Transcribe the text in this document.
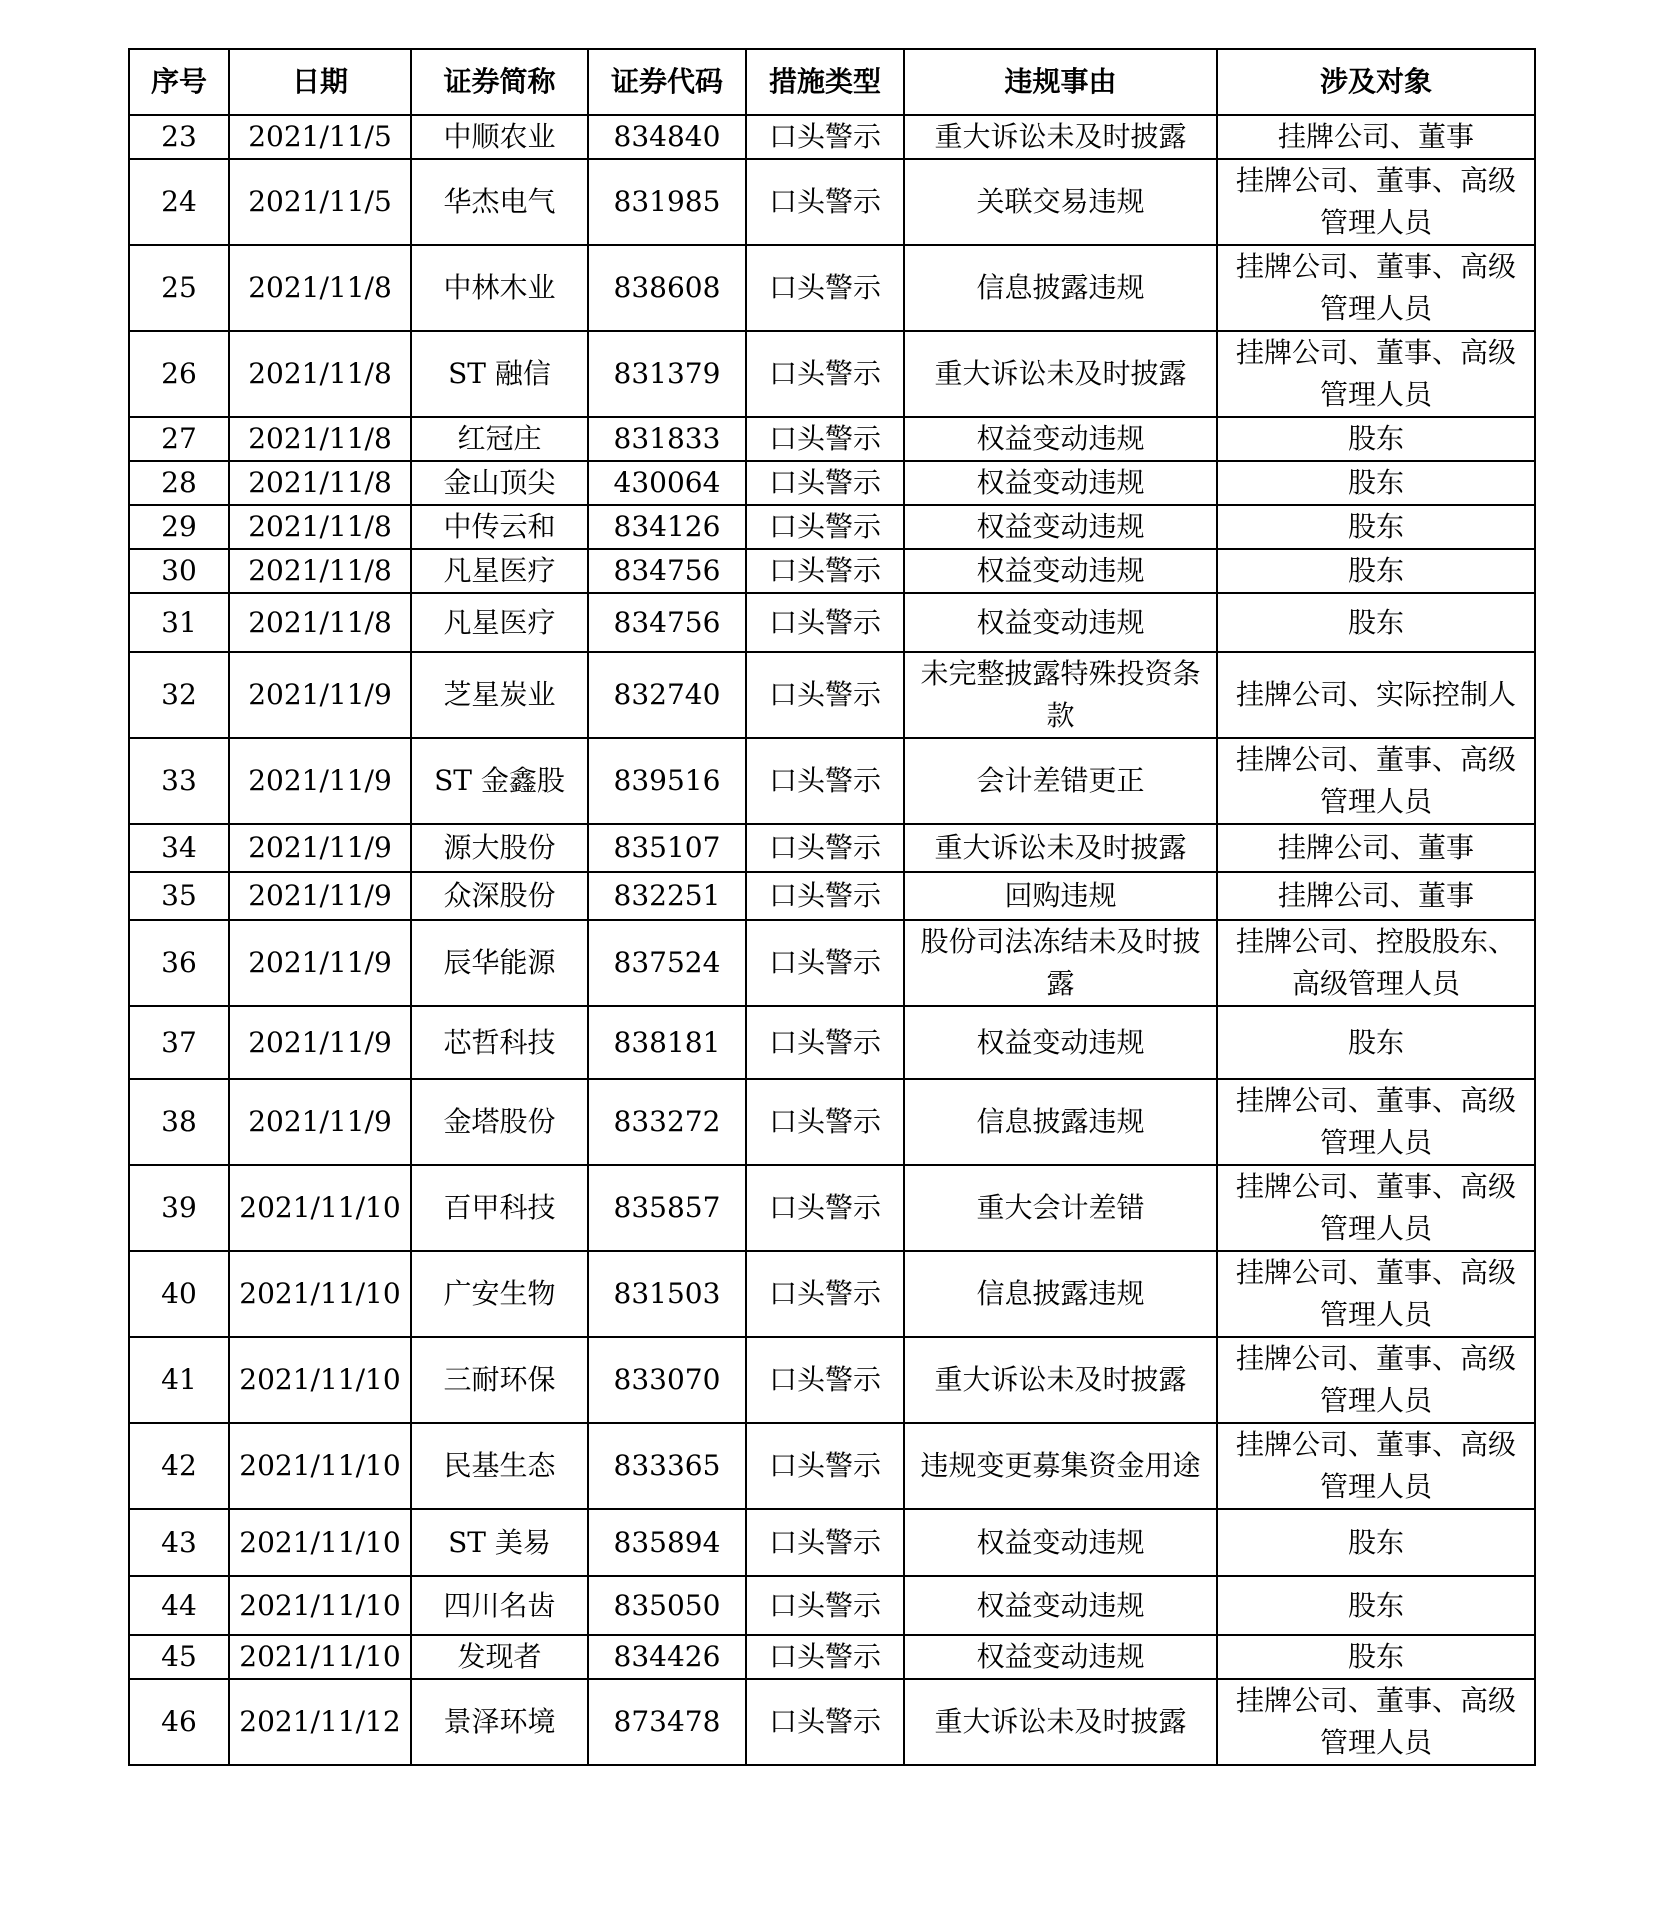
序号	日期	证券简称	证券代码	措施类型	违规事由	涉及对象
23	2021/11/5	中顺农业	834840	口头警示	重大诉讼未及时披露	挂牌公司、董事
24	2021/11/5	华杰电气	831985	口头警示	关联交易违规	挂牌公司、董事、高级管理人员
25	2021/11/8	中林木业	838608	口头警示	信息披露违规	挂牌公司、董事、高级管理人员
26	2021/11/8	ST 融信	831379	口头警示	重大诉讼未及时披露	挂牌公司、董事、高级管理人员
27	2021/11/8	红冠庄	831833	口头警示	权益变动违规	股东
28	2021/11/8	金山顶尖	430064	口头警示	权益变动违规	股东
29	2021/11/8	中传云和	834126	口头警示	权益变动违规	股东
30	2021/11/8	凡星医疗	834756	口头警示	权益变动违规	股东
31	2021/11/8	凡星医疗	834756	口头警示	权益变动违规	股东
32	2021/11/9	芝星炭业	832740	口头警示	未完整披露特殊投资条款	挂牌公司、实际控制人
33	2021/11/9	ST 金鑫股	839516	口头警示	会计差错更正	挂牌公司、董事、高级管理人员
34	2021/11/9	源大股份	835107	口头警示	重大诉讼未及时披露	挂牌公司、董事
35	2021/11/9	众深股份	832251	口头警示	回购违规	挂牌公司、董事
36	2021/11/9	辰华能源	837524	口头警示	股份司法冻结未及时披露	挂牌公司、控股股东、高级管理人员
37	2021/11/9	芯哲科技	838181	口头警示	权益变动违规	股东
38	2021/11/9	金塔股份	833272	口头警示	信息披露违规	挂牌公司、董事、高级管理人员
39	2021/11/10	百甲科技	835857	口头警示	重大会计差错	挂牌公司、董事、高级管理人员
40	2021/11/10	广安生物	831503	口头警示	信息披露违规	挂牌公司、董事、高级管理人员
41	2021/11/10	三耐环保	833070	口头警示	重大诉讼未及时披露	挂牌公司、董事、高级管理人员
42	2021/11/10	民基生态	833365	口头警示	违规变更募集资金用途	挂牌公司、董事、高级管理人员
43	2021/11/10	ST 美易	835894	口头警示	权益变动违规	股东
44	2021/11/10	四川名齿	835050	口头警示	权益变动违规	股东
45	2021/11/10	发现者	834426	口头警示	权益变动违规	股东
46	2021/11/12	景泽环境	873478	口头警示	重大诉讼未及时披露	挂牌公司、董事、高级管理人员
